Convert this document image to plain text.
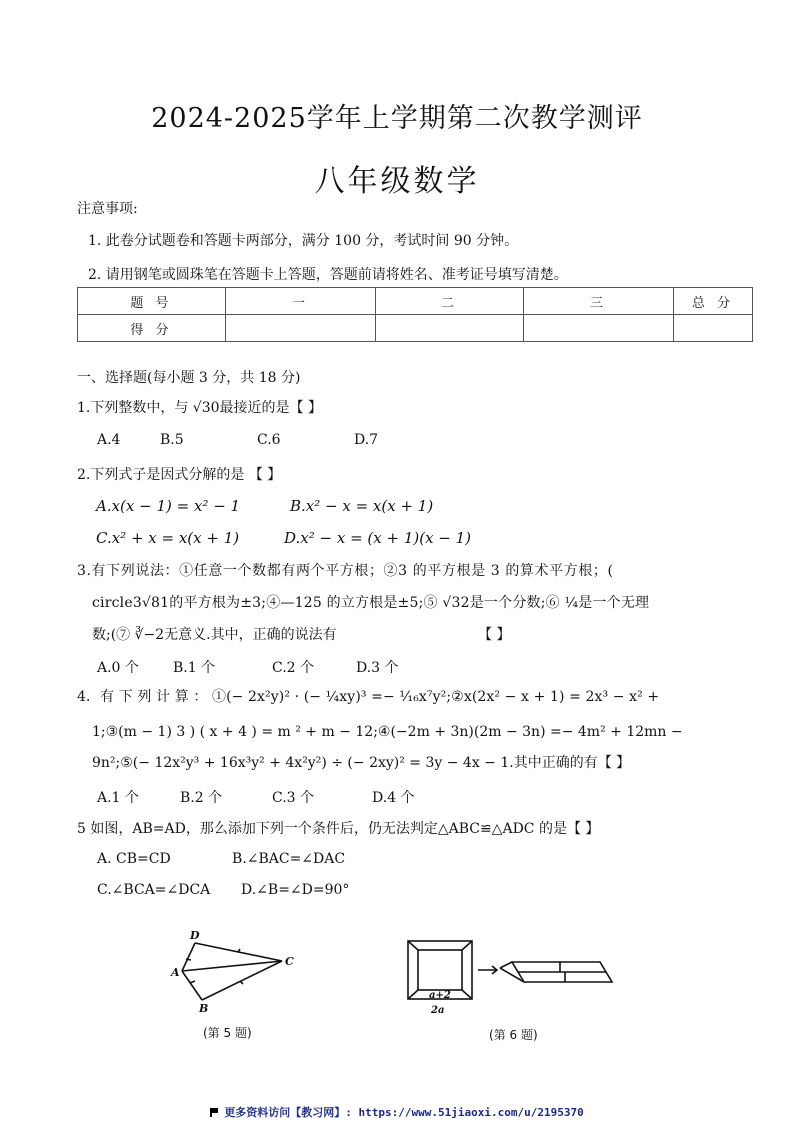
2024-2025学年上学期第二次教学测评
八年级数学
注意事项:
1. 此卷分试题卷和答题卡两部分，满分 100 分，考试时间 90 分钟。
2. 请用钢笔或圆珠笔在答题卡上答题，答题前请将姓名、准考证号填写清楚。
题 号	一	二	三	总 分
得 分				
一、选择题(每小题 3 分，共 18 分)
1.下列整数中，与 √30最接近的是【 】
A.4	B.5	C.6	D.7
2.下列式子是因式分解的是 【 】
A.x(x − 1) = x² − 1	B.x² − x = x(x + 1)
C.x² + x = x(x + 1)	D.x² − x = (x + 1)(x − 1)
3.有下列说法：①任意一个数都有两个平方根；②3 的平方根是 3 的算术平方根；(
circle3√81的平方根为±3;④—125 的立方根是±5;⑤ √32是一个分数;⑥ ¼是一个无理
数;(⑦ ∛−2无意义.其中，正确的说法有	【 】
A.0 个 B.1 个	C.2 个	D.3 个
4．有 下 列 计 算 ： ①(− 2x²y)² · (− ¼xy)³ =− ¹⁄₁₆x⁷y²;②x(2x² − x + 1) = 2x³ − x² +
1;③(m − 1) 3 ) ( x + 4 ) = m ² + m − 12;④(−2m + 3n)(2m − 3n) =− 4m² + 12mn −
9n²;⑤(− 12x²y³ + 16x³y² + 4x²y²) ÷ (− 2xy)² = 3y − 4x − 1.其中正确的有【 】
A.1 个	B.2 个	C.3 个	D.4 个
5 如图，AB=AD，那么添加下列一个条件后，仍无法判定△ABC≌△ADC 的是【 】
A. CB=CD	B.∠BAC=∠DAC
C.∠BCA=∠DCA D.∠B=∠D=90°
D
A
C
B
(第 5 题)
a+2
2a
(第 6 题)
更多资料访问【教习网】: https://www.51jiaoxi.com/u/2195370
